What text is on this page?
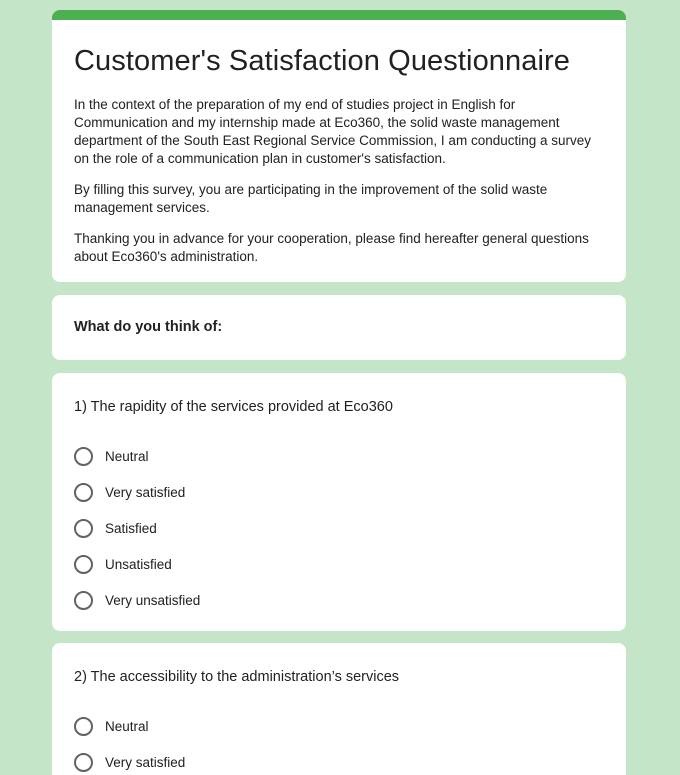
Customer's Satisfaction Questionnaire

In the context of the preparation of my end of studies project in English for Communication and my internship made at Eco360, the solid waste management department of the South East Regional Service Commission, I am conducting a survey on the role of a communication plan in customer's satisfaction.

By filling this survey, you are participating in the improvement of the solid waste management services.

Thanking you in advance for your cooperation, please find hereafter general questions about Eco360's administration.

What do you think of:
1) The rapidity of the services provided at Eco360
Neutral
Very satisfied
Satisfied
Unsatisfied
Very unsatisfied
2) The accessibility to the administration’s services
Neutral
Very satisfied
